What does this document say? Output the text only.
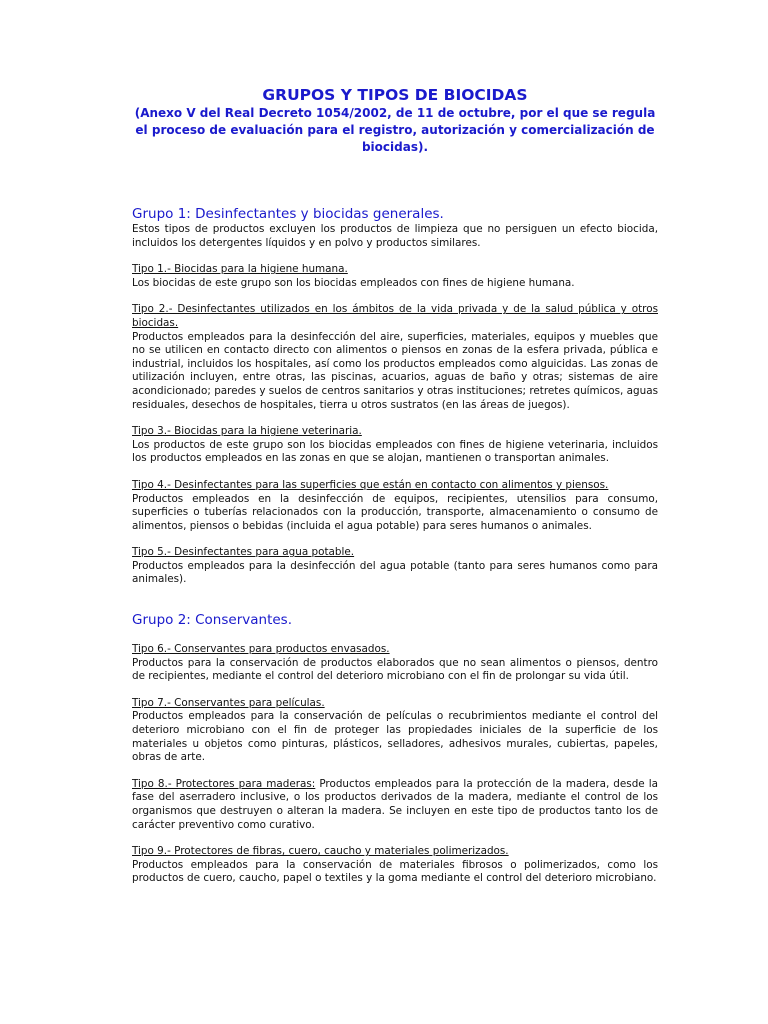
GRUPOS Y TIPOS DE BIOCIDAS
(Anexo V del Real Decreto 1054/2002, de 11 de octubre, por el que se regula el proceso de evaluación para el registro, autorización y comercialización de biocidas).
Grupo 1: Desinfectantes y biocidas generales.

Estos tipos de productos excluyen los productos de limpieza que no persiguen un efecto biocida, incluidos los detergentes líquidos y en polvo y productos similares.

Tipo 1.- Biocidas para la higiene humana.

Los biocidas de este grupo son los biocidas empleados con fines de higiene humana.

Tipo 2.- Desinfectantes utilizados en los ámbitos de la vida privada y de la salud pública y otros biocidas.

Productos empleados para la desinfección del aire, superficies, materiales, equipos y muebles que no se utilicen en contacto directo con alimentos o piensos en zonas de la esfera privada, pública e industrial, incluidos los hospitales, así como los productos empleados como alguicidas. Las zonas de utilización incluyen, entre otras, las piscinas, acuarios, aguas de baño y otras; sistemas de aire acondicionado; paredes y suelos de centros sanitarios y otras instituciones; retretes químicos, aguas residuales, desechos de hospitales, tierra u otros sustratos (en las áreas de juegos).

Tipo 3.- Biocidas para la higiene veterinaria.

Los productos de este grupo son los biocidas empleados con fines de higiene veterinaria, incluidos los productos empleados en las zonas en que se alojan, mantienen o transportan animales.

Tipo 4.- Desinfectantes para las superficies que están en contacto con alimentos y piensos.

Productos empleados en la desinfección de equipos, recipientes, utensilios para consumo, superficies o tuberías relacionados con la producción, transporte, almacenamiento o consumo de alimentos, piensos o bebidas (incluida el agua potable) para seres humanos o animales.

Tipo 5.- Desinfectantes para agua potable.

Productos empleados para la desinfección del agua potable (tanto para seres humanos como para animales).

Grupo 2: Conservantes.

Tipo 6.- Conservantes para productos envasados.

Productos para la conservación de productos elaborados que no sean alimentos o piensos, dentro de recipientes, mediante el control del deterioro microbiano con el fin de prolongar su vida útil.

Tipo 7.- Conservantes para películas.

Productos empleados para la conservación de películas o recubrimientos mediante el control del deterioro microbiano con el fin de proteger las propiedades iniciales de la superficie de los materiales u objetos como pinturas, plásticos, selladores, adhesivos murales, cubiertas, papeles, obras de arte.

Tipo 8.- Protectores para maderas: Productos empleados para la protección de la madera, desde la fase del aserradero inclusive, o los productos derivados de la madera, mediante el control de los organismos que destruyen o alteran la madera. Se incluyen en este tipo de productos tanto los de carácter preventivo como curativo.

Tipo 9.- Protectores de fibras, cuero, caucho y materiales polimerizados.

Productos empleados para la conservación de materiales fibrosos o polimerizados, como los productos de cuero, caucho, papel o textiles y la goma mediante el control del deterioro microbiano.
